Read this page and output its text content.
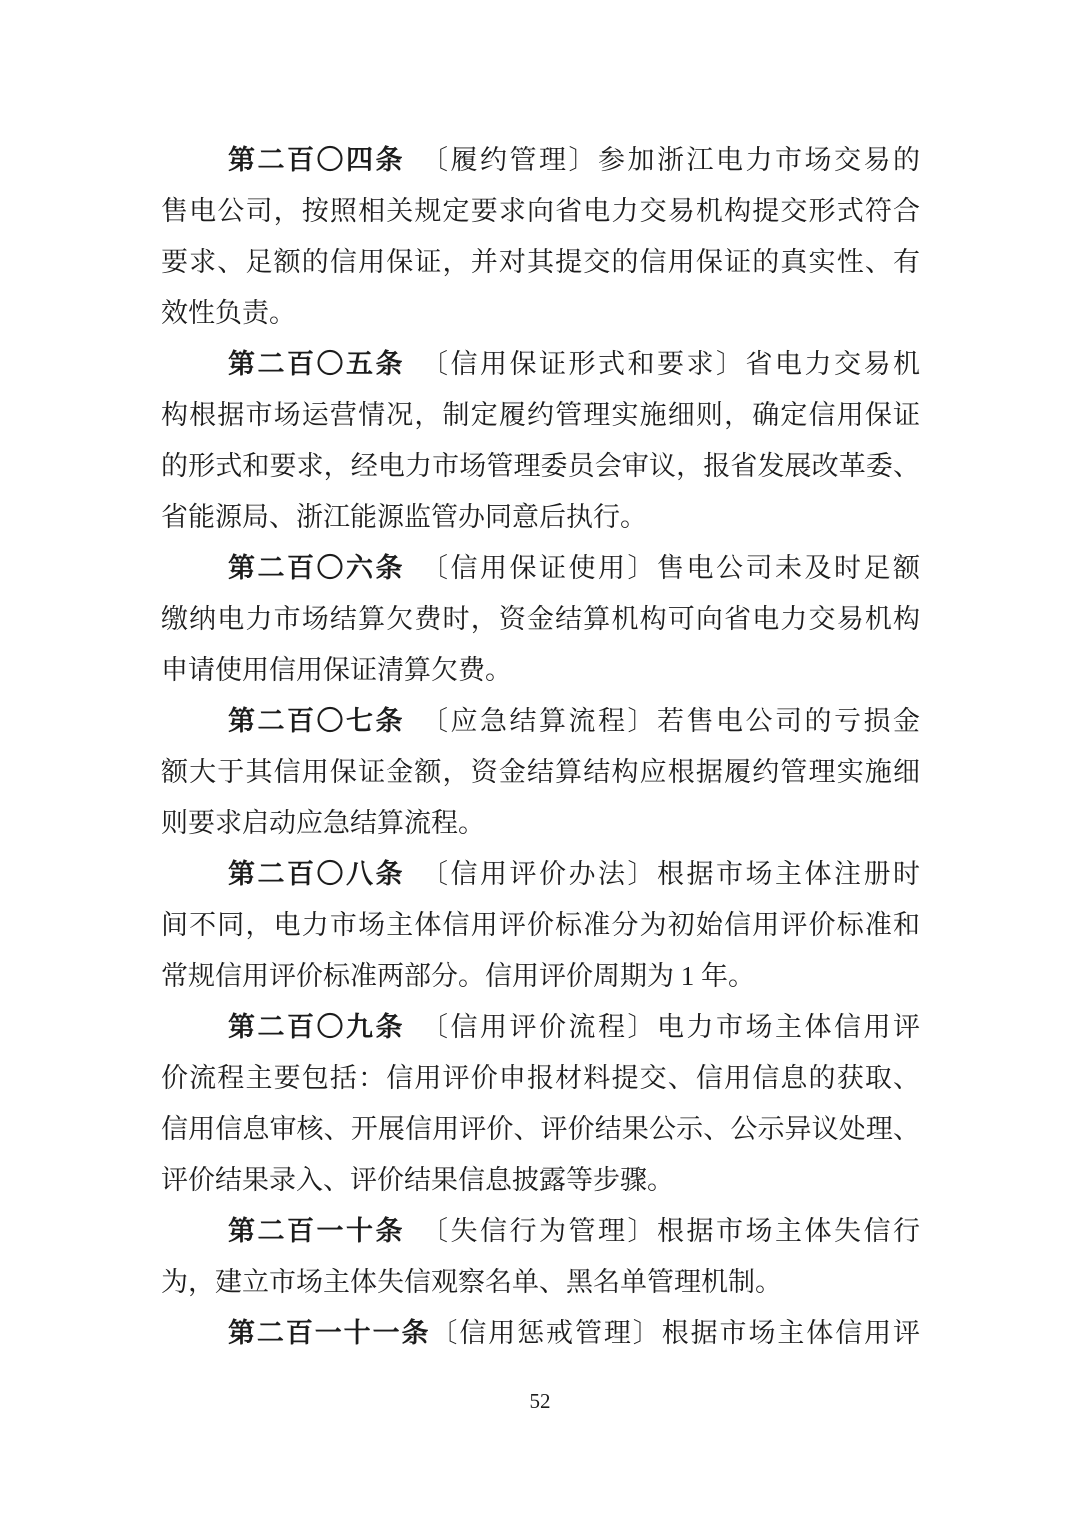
第二百〇四条　 〔履约管理〕参加浙江电力市场交易的
售电公司，按照相关规定要求向省电力交易机构提交形式符合
要求、足额的信用保证，并对其提交的信用保证的真实性、有
效性负责。
第二百〇五条　 〔信用保证形式和要求〕省电力交易机
构根据市场运营情况，制定履约管理实施细则，确定信用保证
的形式和要求，经电力市场管理委员会审议，报省发展改革委、
省能源局、浙江能源监管办同意后执行。
第二百〇六条　 〔信用保证使用〕售电公司未及时足额
缴纳电力市场结算欠费时，资金结算机构可向省电力交易机构
申请使用信用保证清算欠费。
第二百〇七条　 〔应急结算流程〕若售电公司的亏损金
额大于其信用保证金额，资金结算结构应根据履约管理实施细
则要求启动应急结算流程。
第二百〇八条　 〔信用评价办法〕根据市场主体注册时
间不同，电力市场主体信用评价标准分为初始信用评价标准和
常规信用评价标准两部分。信用评价周期为 1 年。
第二百〇九条　 〔信用评价流程〕电力市场主体信用评
价流程主要包括：信用评价申报材料提交、信用信息的获取、
信用信息审核、开展信用评价、评价结果公示、公示异议处理、
评价结果录入、评价结果信息披露等步骤。
第二百一十条　 〔失信行为管理〕根据市场主体失信行
为，建立市场主体失信观察名单、黑名单管理机制。
第二百一十一条〔信用惩戒管理〕根据市场主体信用评
52
